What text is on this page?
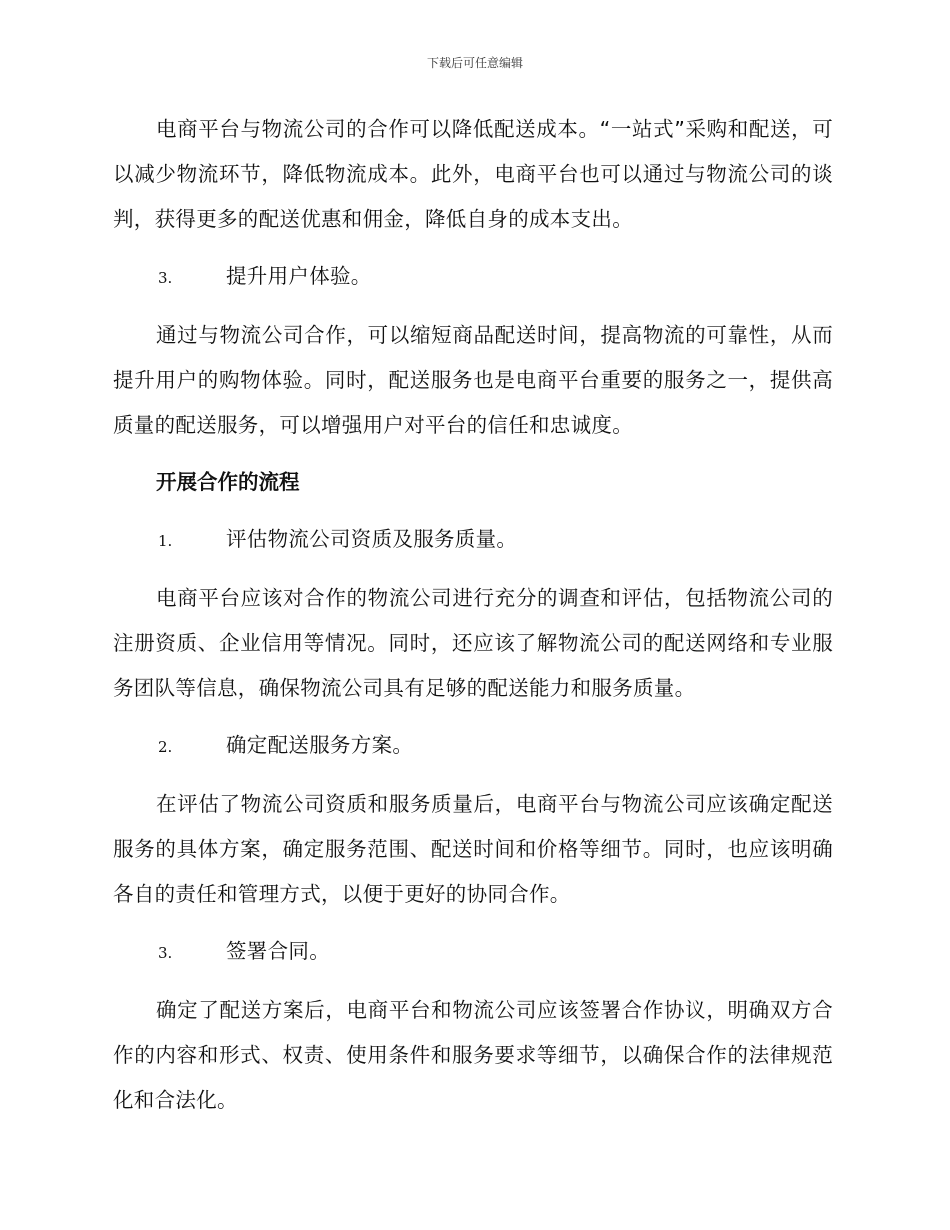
下载后可任意编辑

电商平台与物流公司的合作可以降低配送成本。“一站式”采购和配送，可以减少物流环节，降低物流成本。此外，电商平台也可以通过与物流公司的谈判，获得更多的配送优惠和佣金，降低自身的成本支出。

3.	提升用户体验。

通过与物流公司合作，可以缩短商品配送时间，提高物流的可靠性，从而提升用户的购物体验。同时，配送服务也是电商平台重要的服务之一，提供高质量的配送服务，可以增强用户对平台的信任和忠诚度。

开展合作的流程
1.	评估物流公司资质及服务质量。

电商平台应该对合作的物流公司进行充分的调查和评估，包括物流公司的注册资质、企业信用等情况。同时，还应该了解物流公司的配送网络和专业服务团队等信息，确保物流公司具有足够的配送能力和服务质量。

2.	确定配送服务方案。

在评估了物流公司资质和服务质量后，电商平台与物流公司应该确定配送服务的具体方案，确定服务范围、配送时间和价格等细节。同时，也应该明确各自的责任和管理方式，以便于更好的协同合作。

3.	签署合同。

确定了配送方案后，电商平台和物流公司应该签署合作协议，明确双方合作的内容和形式、权责、使用条件和服务要求等细节，以确保合作的法律规范化和合法化。
